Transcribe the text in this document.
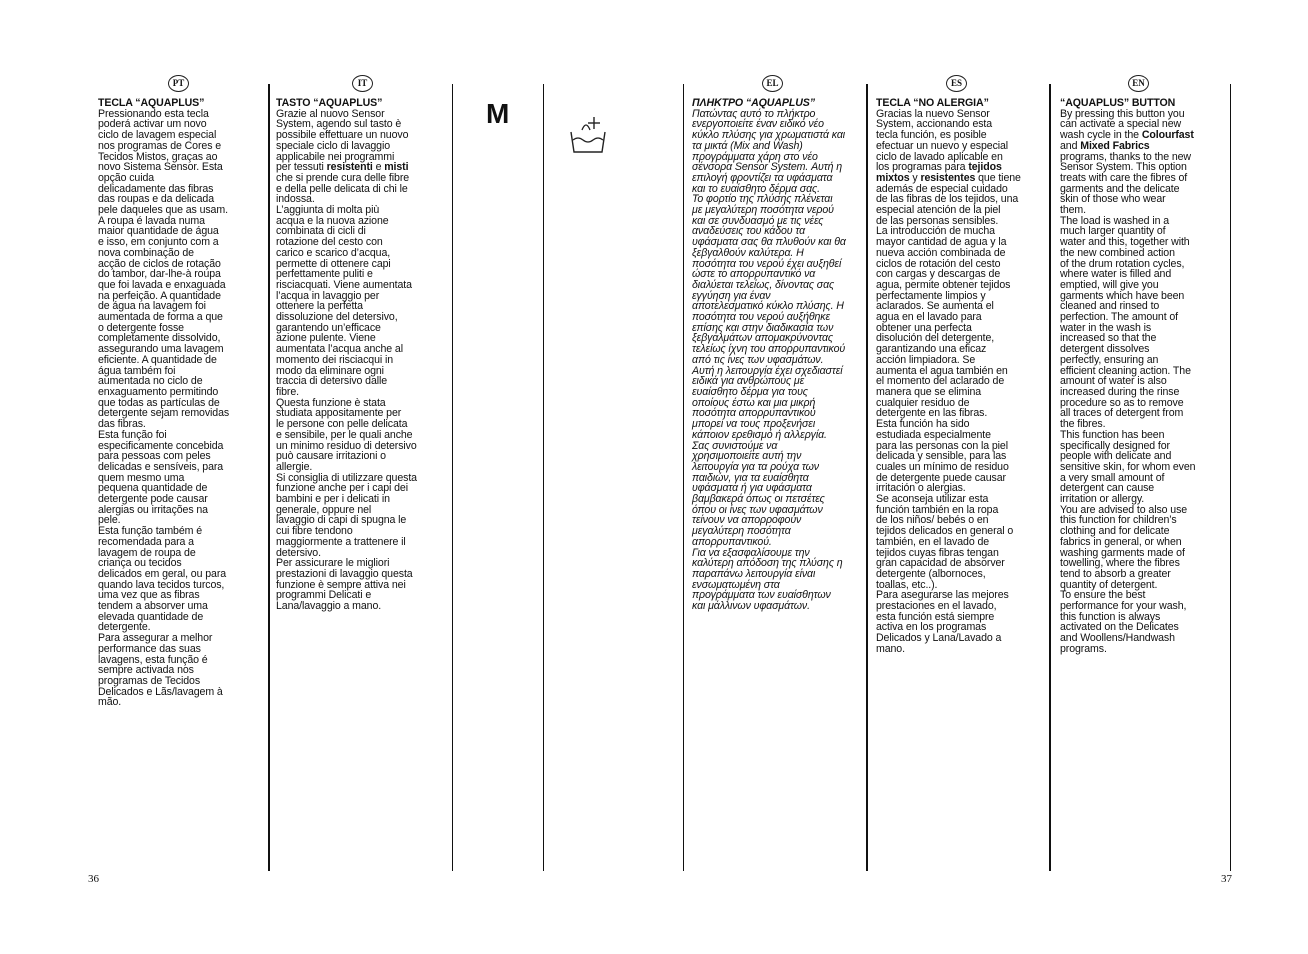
PT	IT	EL	ES	EN

TECLA “AQUAPLUS”

Pressionando esta tecla
poderá activar um novo
ciclo de lavagem especial
nos programas de Cores e
Tecidos Mistos, graças ao
novo Sistema Sensor. Esta
opção cuida
delicadamente das fibras
das roupas e da delicada
pele daqueles que as usam.
A roupa é lavada numa
maior quantidade de água
e isso, em conjunto com a
nova combinação de
acção de ciclos de rotação
do tambor, dar-lhe-à roupa
que foi lavada e enxaguada
na perfeição. A quantidade
de água na lavagem foi
aumentada de forma a que
o detergente fosse
completamente dissolvido,
assegurando uma lavagem
eficiente. A quantidade de
água também foi
aumentada no ciclo de
enxaguamento permitindo
que todas as partículas de
detergente sejam removidas
das fibras.
Esta função foi
especificamente concebida
para pessoas com peles
delicadas e sensíveis, para
quem mesmo uma
pequena quantidade de
detergente pode causar
alergias ou irritações na
pele.
Esta função também é
recomendada para a
lavagem de roupa de
criança ou tecidos
delicados em geral, ou para
quando lava tecidos turcos,
uma vez que as fibras
tendem a absorver uma
elevada quantidade de
detergente.
Para assegurar a melhor
performance das suas
lavagens, esta função é
sempre activada nos
programas de Tecidos
Delicados e Lãs/lavagem à
mão.

TASTO “AQUAPLUS”

Grazie al nuovo Sensor
System, agendo sul tasto è
possibile effettuare un nuovo
speciale ciclo di lavaggio
applicabile nei programmi
per tessuti resistenti e misti
che si prende cura delle fibre
e della pelle delicata di chi le
indossa.
L’aggiunta di molta più
acqua e la nuova azione
combinata di cicli di
rotazione del cesto con
carico e scarico d’acqua,
permette di ottenere capi
perfettamente puliti e
risciacquati. Viene aumentata
l’acqua in lavaggio per
ottenere la perfetta
dissoluzione del detersivo,
garantendo un’efficace
azione pulente. Viene
aumentata l’acqua anche al
momento dei risciacqui in
modo da eliminare ogni
traccia di detersivo dalle
fibre.
Questa funzione è stata
studiata appositamente per
le persone con pelle delicata
e sensibile, per le quali anche
un minimo residuo di detersivo
può causare irritazioni o
allergie.
Si consiglia di utilizzare questa
funzione anche per i capi dei
bambini e per i delicati in
generale, oppure nel
lavaggio di capi di spugna le
cui fibre tendono
maggiormente a trattenere il
detersivo.
Per assicurare le migliori
prestazioni di lavaggio questa
funzione è sempre attiva nei
programmi Delicati e
Lana/lavaggio a mano.

M	ΠΛΗΚΤΡΟ “AQUAPLUS”

Πατώντας αυτό το πλήκτρο
ενεργοποιείτε έναν ειδικό νέο
κύκλο πλύσης για χρωματιστά και
τα μικτά (Mix and Wash)
προγράμματα χάρη στο νέο
σένσορα Sensor System. Αυτή η
επιλογή φροντίζει τα υφάσματα
και το ευαίσθητο δέρμα σας.
Το φορτίο της πλύσης πλένεται
με μεγαλύτερη ποσότητα νερού
και σε συνδυασμό με τις νέες
αναδεύσεις του κάδου τα
υφάσματα σας θα πλυθούν και θα
ξεβγαλθούν καλύτερα. Η
ποσότητα του νερού έχει αυξηθεί
ώστε το απορρυπαντικό να
διαλύεται τελείως, δίνοντας σας
εγγύηση για έναν
αποτελεσματικό κύκλο πλύσης. Η
ποσότητα του νερού αυξήθηκε
επίσης και στην διαδικασία των
ξεβγαλμάτων απομακρύνοντας
τελείως ίχνη του απορρυπαντικού
από τις ίνες των υφασμάτων.
Αυτή η λειτουργία έχει σχεδιαστεί
ειδικά για ανθρώπους με
ευαίσθητο δέρμα για τους
οποίους έστω και μια μικρή
ποσότητα απορρυπαντικού
μπορεί να τους προξενήσει
κάποιον ερεθισμό ή αλλεργία.
Σας συνιστούμε να
χρησιμοποιείτε αυτή την
λειτουργία για τα ρούχα των
παιδιών, για τα ευαίσθητα
υφάσματα ή για υφάσματα
βαμβακερά όπως οι πετσέτες
όπου οι ίνες των υφασμάτων
τείνουν να απορροφούν
μεγαλύτερη ποσότητα
απορρυπαντικού.
Για να εξασφαλίσουμε την
καλύτερη απόδοση της πλύσης η
παραπάνω λειτουργία είναι
ενσωματωμένη στα
προγράμματα των ευαίσθητων
και μάλλινων υφασμάτων.

TECLA “NO ALERGIA”

Gracias la nuevo Sensor
System, accionando esta
tecla función, es posible
efectuar un nuevo y especial
ciclo de lavado aplicable en
los programas para tejidos
mixtos y resistentes que tiene
además de especial cuidado
de las fibras de los tejidos, una
especial atención de la piel
de las personas sensibles.
La introducción de mucha
mayor cantidad de agua y la
nueva acción combinada de
ciclos de rotación del cesto
con cargas y descargas de
agua, permite obtener tejidos
perfectamente limpios y
aclarados. Se aumenta el
agua en el lavado para
obtener una perfecta
disolución del detergente,
garantizando una eficaz
acción limpiadora. Se
aumenta el agua también en
el momento del aclarado de
manera que se elimina
cualquier residuo de
detergente en las fibras.
Esta función ha sido
estudiada especialmente
para las personas con la piel
delicada y sensible, para las
cuales un mínimo de residuo
de detergente puede causar
irritación o alergias.
Se aconseja utilizar esta
función también en la ropa
de los niños/ bebés o en
tejidos delicados en general o
también, en el lavado de
tejidos cuyas fibras tengan
gran capacidad de absorver
detergente (albornoces,
toallas, etc..).
Para asegurarse las mejores
prestaciones en el lavado,
esta función está siempre
activa en los programas
Delicados y Lana/Lavado a
mano.

“AQUAPLUS” BUTTON

By pressing this button you
can activate a special new
wash cycle in the Colourfast
and Mixed Fabrics
programs, thanks to the new
Sensor System. This option
treats with care the fibres of
garments and the delicate
skin of those who wear
them.
The load is washed in a
much larger quantity of
water and this, together with
the new combined action
of the drum rotation cycles,
where water is filled and
emptied, will give you
garments which have been
cleaned and rinsed to
perfection. The amount of
water in the wash is
increased so that the
detergent dissolves
perfectly, ensuring an
efficient cleaning action. The
amount of water is also
increased during the rinse
procedure so as to remove
all traces of detergent from
the fibres.
This function has been
specifically designed for
people with delicate and
sensitive skin, for whom even
a very small amount of
detergent can cause
irritation or allergy.
You are advised to also use
this function for children’s
clothing and for delicate
fabrics in general, or when
washing garments made of
towelling, where the fibres
tend to absorb a greater
quantity of detergent.
To ensure the best
performance for your wash,
this function is always
activated on the Delicates
and Woollens/Handwash
programs.

36	37
